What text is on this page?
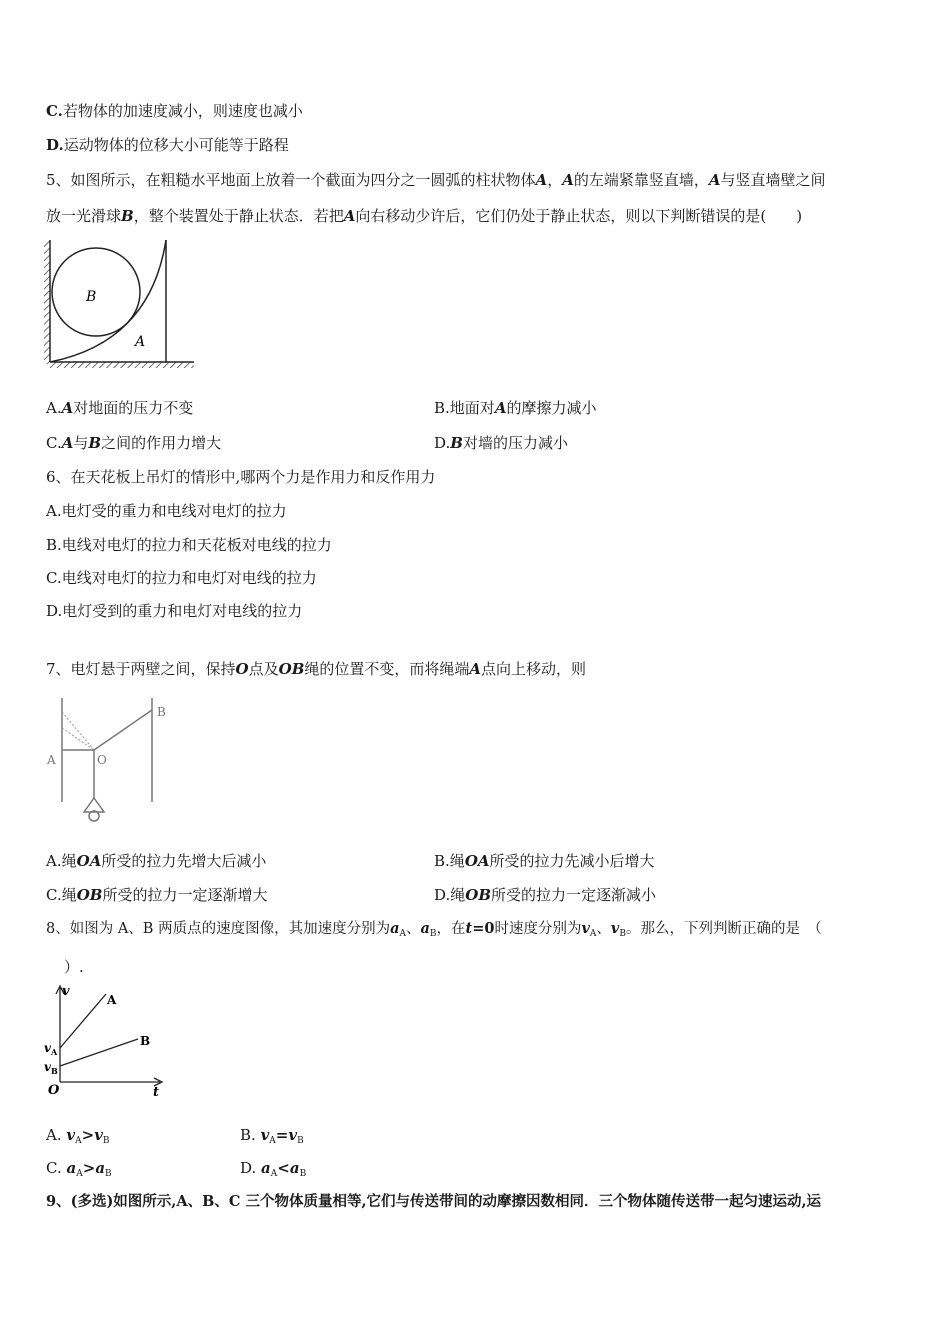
C.若物体的加速度减小，则速度也减小
D.运动物体的位移大小可能等于路程
5、如图所示，在粗糙水平地面上放着一个截面为四分之一圆弧的柱状物体A，A的左端紧靠竖直墙，A与竖直墙壁之间
放一光滑球B，整个装置处于静止状态．若把A向右移动少许后，它们仍处于静止状态，则以下判断错误的是(　　)
B
A
A.A对地面的压力不变	B.地面对A的摩擦力减小
C.A与B之间的作用力增大	D.B对墙的压力减小
6、在天花板上吊灯的情形中,哪两个力是作用力和反作用力
A.电灯受的重力和电线对电灯的拉力
B.电线对电灯的拉力和天花板对电线的拉力
C.电线对电灯的拉力和电灯对电线的拉力
D.电灯受到的重力和电灯对电线的拉力
7、电灯悬于两壁之间，保持O点及OB绳的位置不变，而将绳端A点向上移动，则
A	O
B
A.绳OA所受的拉力先增大后减小	B.绳OA所受的拉力先减小后增大
C.绳OB所受的拉力一定逐渐增大	D.绳OB所受的拉力一定逐渐减小
8、如图为 A、B 两质点的速度图像，其加速度分别为$a_A$、$a_B$，在t=0时速度分别为$v_A$、$v_B$。那么，下列判断正确的是　（
）.
v
A
B
$v_A$
$v_B$
O	t
A. $v_A>v_B$	B. $v_A=v_B$
C. $a_A>a_B$	D. $a_A<a_B$
9、(多选)如图所示,A、B、C 三个物体质量相等,它们与传送带间的动摩擦因数相同．三个物体随传送带一起匀速运动,运
